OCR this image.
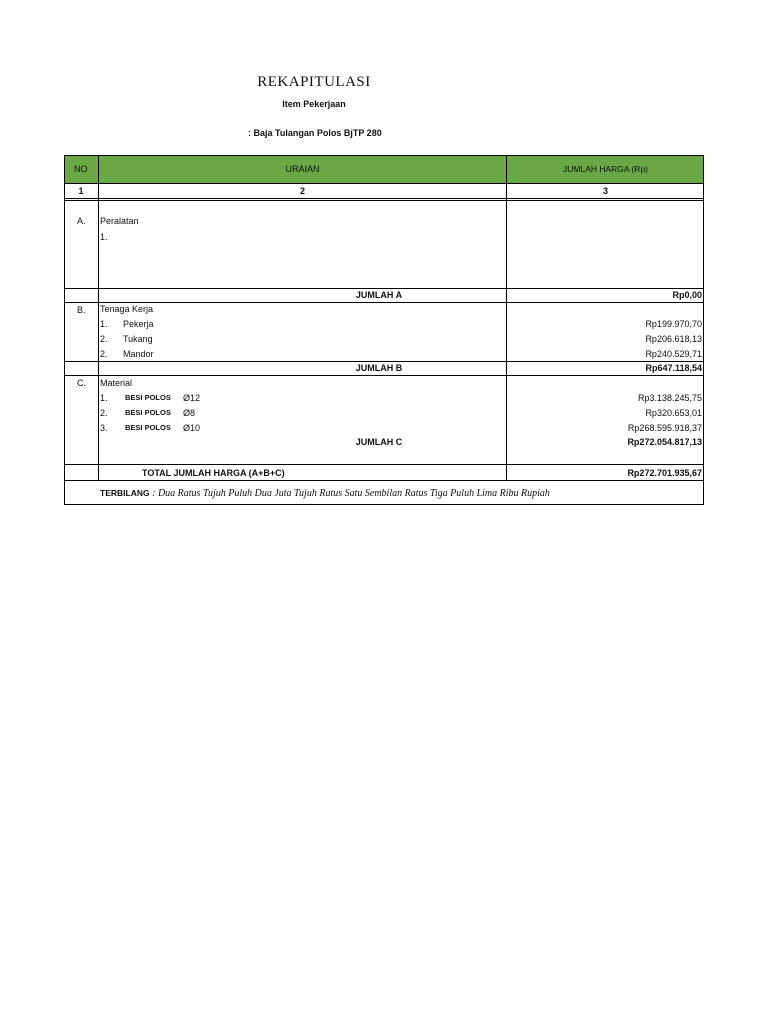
REKAPITULASI
Item Pekerjaan
: Baja Tulangan Polos BjTP 280
NO	URAIAN	JUMLAH HARGA (Rp)
1	2	3
A. Peralatan
1.
JUMLAH A	Rp0,00
B. Tenaga Kerja
1. Pekerja	Rp199.970,70
2. Tukang	Rp206.618,13
2. Mandor	Rp240.529,71
JUMLAH B	Rp647.118,54
C. Material
1. BESI POLOS Ø12	Rp3.138.245,75
2. BESI POLOS Ø8	Rp320.653,01
3. BESI POLOS Ø10	Rp268.595.918,37
JUMLAH C	Rp272.054.817,13
TOTAL JUMLAH HARGA (A+B+C)	Rp272.701.935,67
TERBILANG : Dua Ratus Tujuh Puluh Dua Juta Tujuh Ratus Satu Sembilan Ratus Tiga Puluh Lima Ribu Rupiah
